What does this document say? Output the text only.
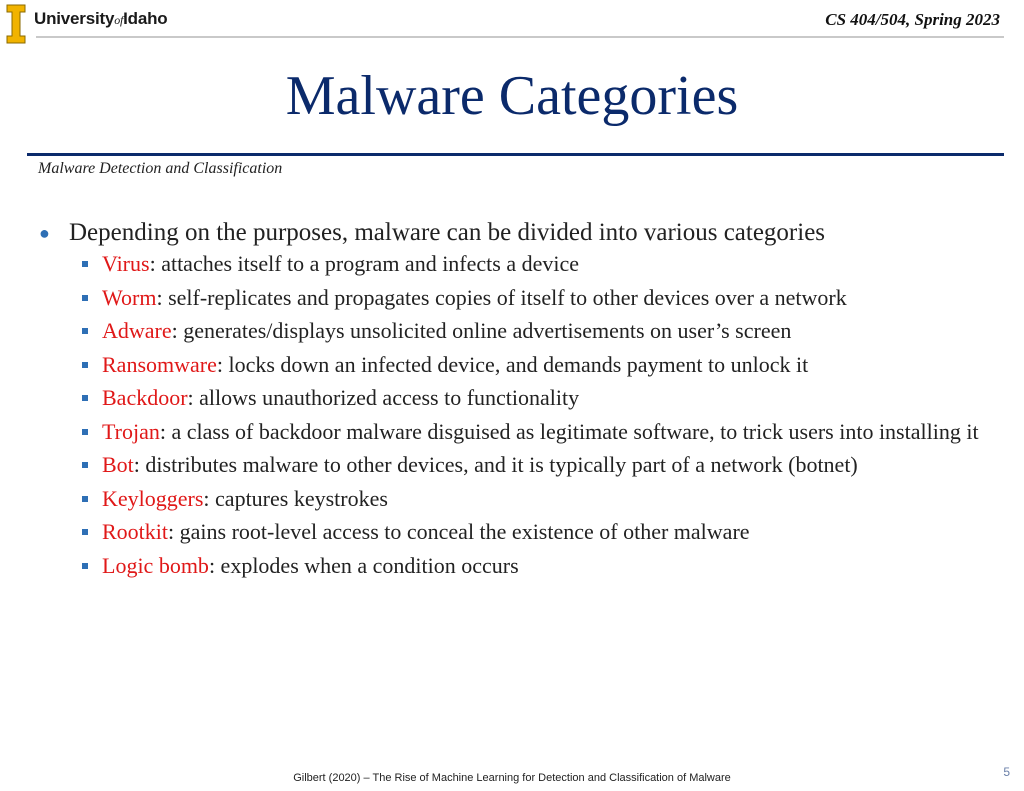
UniversityofIdaho	CS 404/504, Spring 2023
Malware Categories
Malware Detection and Classification
● Depending on the purposes, malware can be divided into various categories
Virus: attaches itself to a program and infects a device
Worm: self-replicates and propagates copies of itself to other devices over a network
Adware: generates/displays unsolicited online advertisements on user’s screen
Ransomware: locks down an infected device, and demands payment to unlock it
Backdoor: allows unauthorized access to functionality
Trojan: a class of backdoor malware disguised as legitimate software, to trick users into installing it
Bot: distributes malware to other devices, and it is typically part of a network (botnet)
Keyloggers: captures keystrokes
Rootkit: gains root-level access to conceal the existence of other malware
Logic bomb: explodes when a condition occurs
Gilbert (2020) – The Rise of Machine Learning for Detection and Classification of Malware	5
